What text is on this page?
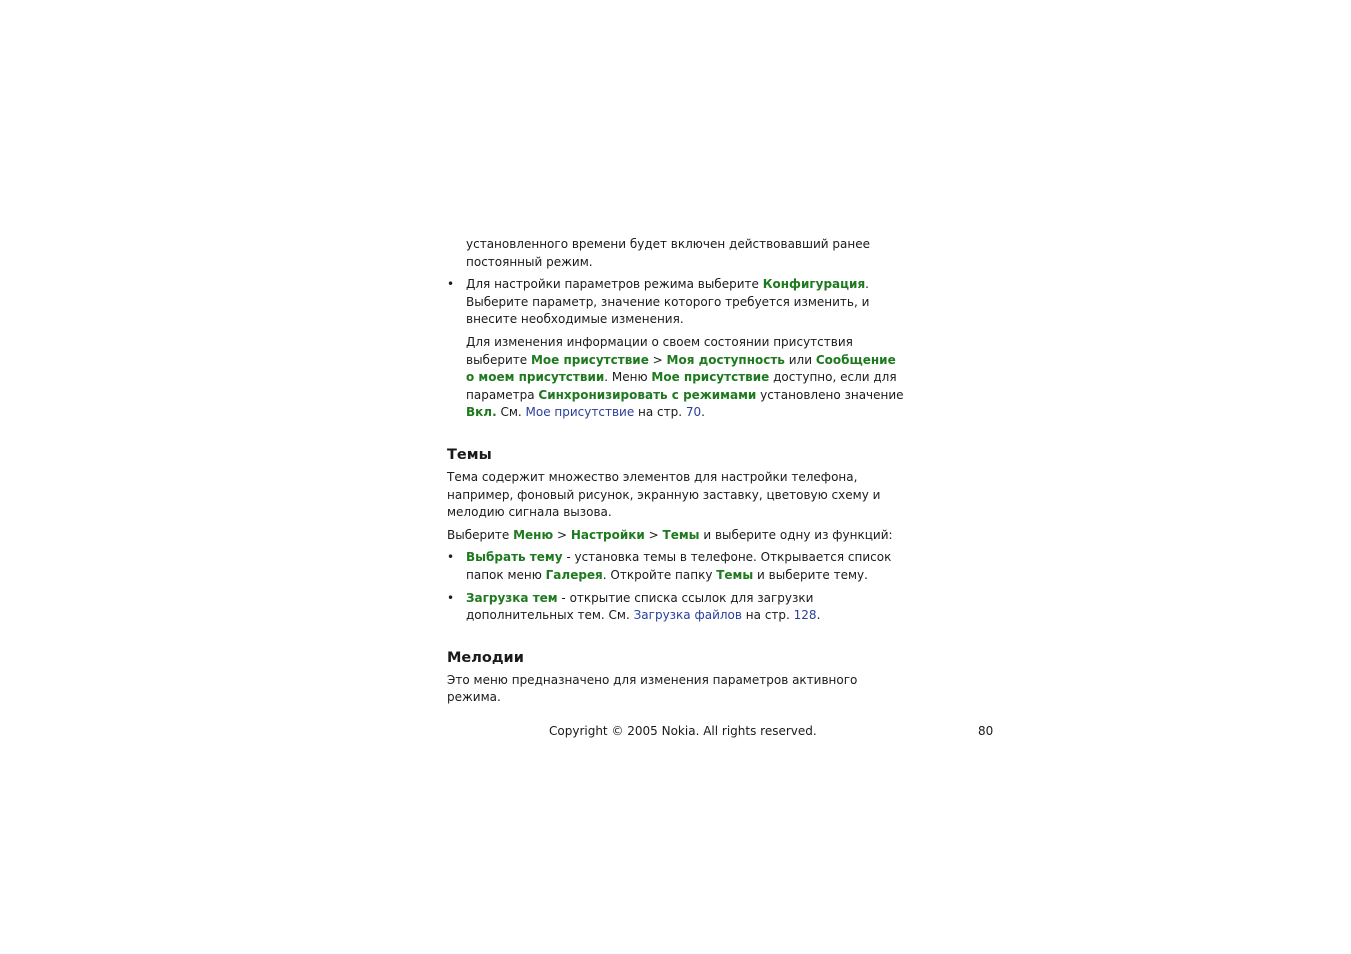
установленного времени будет включен действовавший ранее постоянный режим.

• Для настройки параметров режима выберите Конфигурация. Выберите параметр, значение которого требуется изменить, и внесите необходимые изменения.

Для изменения информации о своем состоянии присутствия выберите Мое присутствие > Моя доступность или Сообщение о моем присутствии. Меню Мое присутствие доступно, если для параметра Синхронизировать с режимами установлено значение Вкл. См. Мое присутствие на стр. 70.

Темы

Тема содержит множество элементов для настройки телефона, например, фоновый рисунок, экранную заставку, цветовую схему и мелодию сигнала вызова.

Выберите Меню > Настройки > Темы и выберите одну из функций:

• Выбрать тему - установка темы в телефоне. Открывается список папок меню Галерея. Откройте папку Темы и выберите тему.
• Загрузка тем - открытие списка ссылок для загрузки дополнительных тем. См. Загрузка файлов на стр. 128.
Мелодии

Это меню предназначено для изменения параметров активного режима.

Copyright © 2005 Nokia. All rights reserved.	80
